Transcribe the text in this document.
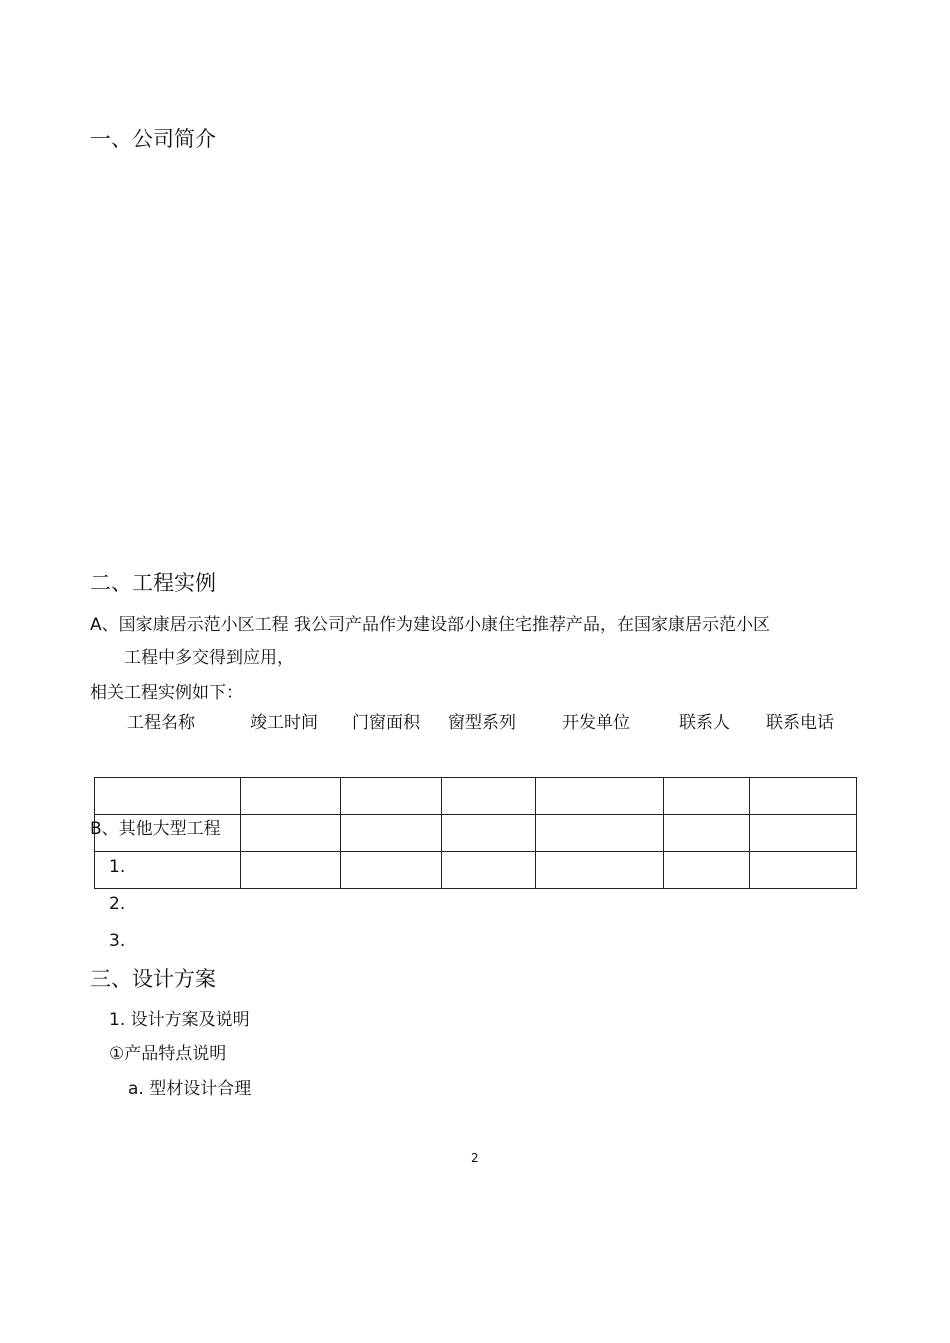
一、公司简介
二、工程实例
A、国家康居示范小区工程 我公司产品作为建设部小康住宅推荐产品，在国家康居示范小区
工程中多交得到应用，
相关工程实例如下：
工程名称	竣工时间 门窗面积 窗型系列	开发单位	联系人 联系电话

B、其他大型工程
1.
2.
3.
三、设计方案
1. 设计方案及说明
①产品特点说明
a. 型材设计合理
2
